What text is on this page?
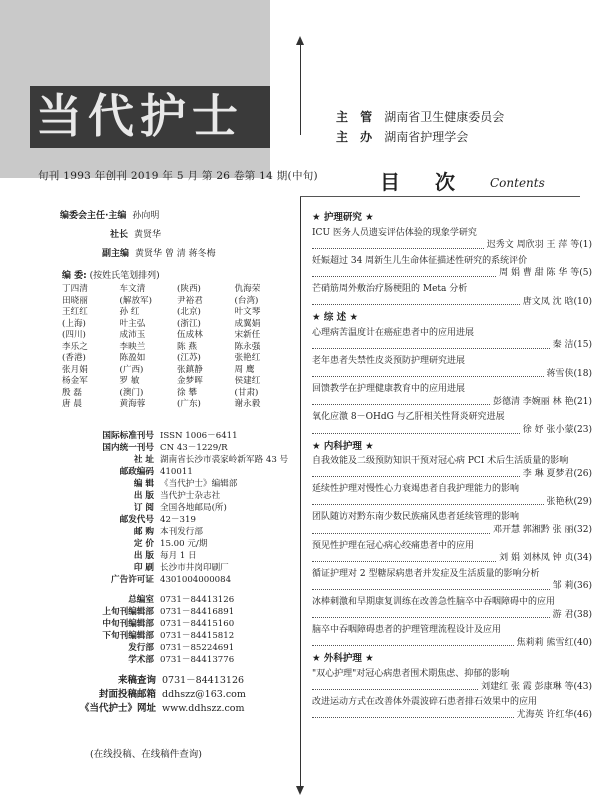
当代护士
旬刊 1993 年创刊 2019 年 5 月 第 26 卷第 14 期(中旬)
主 管 湖南省卫生健康委员会
主 办 湖南省护理学会
目 次 Contents
编委会主任·主编 孙向明
社长 黄贤华
副主编 黄贤华 曾 清 蒋冬梅
编 委: (按姓氏笔划排列)
丁四清	车文清	(陕西)	仇海荣
田晓丽	(解放军)	尹裕君	(台湾)
王红红	孙 红	(北京)	叶文琴
(上海)	叶主弘	(浙江)	成翼娟
(四川)	成沛玉	伍成林	宋新任
李乐之	李映兰	陈 燕	陈永强
(香港)	陈盈如	(江苏)	张艳红
张月娟	(广西)	张鎮静	周 鹰
杨金军	罗 敏	金梦晖	侯建红
殷 磊	(澳门)	徐 攀	(甘肃)
唐 晨	黄海蓉	(广东)	谢永毅
国际标准刊号 ISSN 1006－6411
国内统一刊号 CN 43－1229/R
社 址 湖南省长沙市裘家岭新军路 43 号
邮政编码 410011
编 辑 《当代护士》编辑部
出 版 当代护士杂志社
订 阅 全国各地邮局(所)
邮发代号 42－319
邮 购 本刊发行部
定 价 15.00 元/期
出 版 每月 1 日
印 刷 长沙市井岗印刷厂
广告许可证 4301004000084
总编室 0731－84413126
上旬刊编辑部 0731－84416891
中旬刊编辑部 0731－84415160
下旬刊编辑部 0731－84415812
发行部 0731－85224691
学术部 0731－84413776
来稿查询 0731－84413126
封面投稿邮箱 ddhszz@163.com
《当代护士》网址 www.ddhszz.com
(在线投稿、在线稿件查询)
★ 护理研究 ★
ICU 医务人员遗妄评估体验的现象学研究
迟秀文 周欣羽 王 萍 等(1)
妊娠超过 34 周新生儿生命体征描述性研究的系统评价
周 娟 曹 甜 陈 华 等(5)
芒硝筋周外敷治疗肠梗阻的 Meta 分析
唐文凤 沈 晗(10)
★ 综 述 ★
心理病苦温度计在癌症患者中的应用进展
秦 洁(15)
老年患者失禁性皮炎预防护理研究进展
蒋雪侠(18)
回馈教学在护理健康教育中的应用进展
彭德清 李婉丽 林 艳(21)
氧化应激 8－OHdG 与乙肝相关性肾炎研究进展
徐 妤 张小蒙(23)
★ 内科护理 ★
自我效能及二级预防知识干预对冠心病 PCI 术后生活质量的影响
李 琳 夏梦君(26)
延续性护理对慢性心力衰竭患者自我护理能力的影响
张艳秋(29)
团队随访对黔东南少数民族痛风患者延续管理的影响
邓开慧 郭湘黔 张 丽(32)
预见性护理在冠心病心绞痛患者中的应用
刘 娟 刘林凤 钟 贞(34)
循证护理对 2 型糖尿病患者并发症及生活质量的影响分析
邹 莉(36)
冰棒刺激和早期康复训练在改善急性脑卒中吞咽障碍中的应用
游 君(38)
脑卒中吞咽障碍患者的护理管理流程设计及应用
焦莉莉 熊雪红(40)
★ 外科护理 ★
"双心护理"对冠心病患者围术期焦虑、抑郁的影响
刘建红 张 霞 彭康琳 等(43)
改进运动方式在改善体外震波碎石患者排石效果中的应用
尤海英 许红华(46)
